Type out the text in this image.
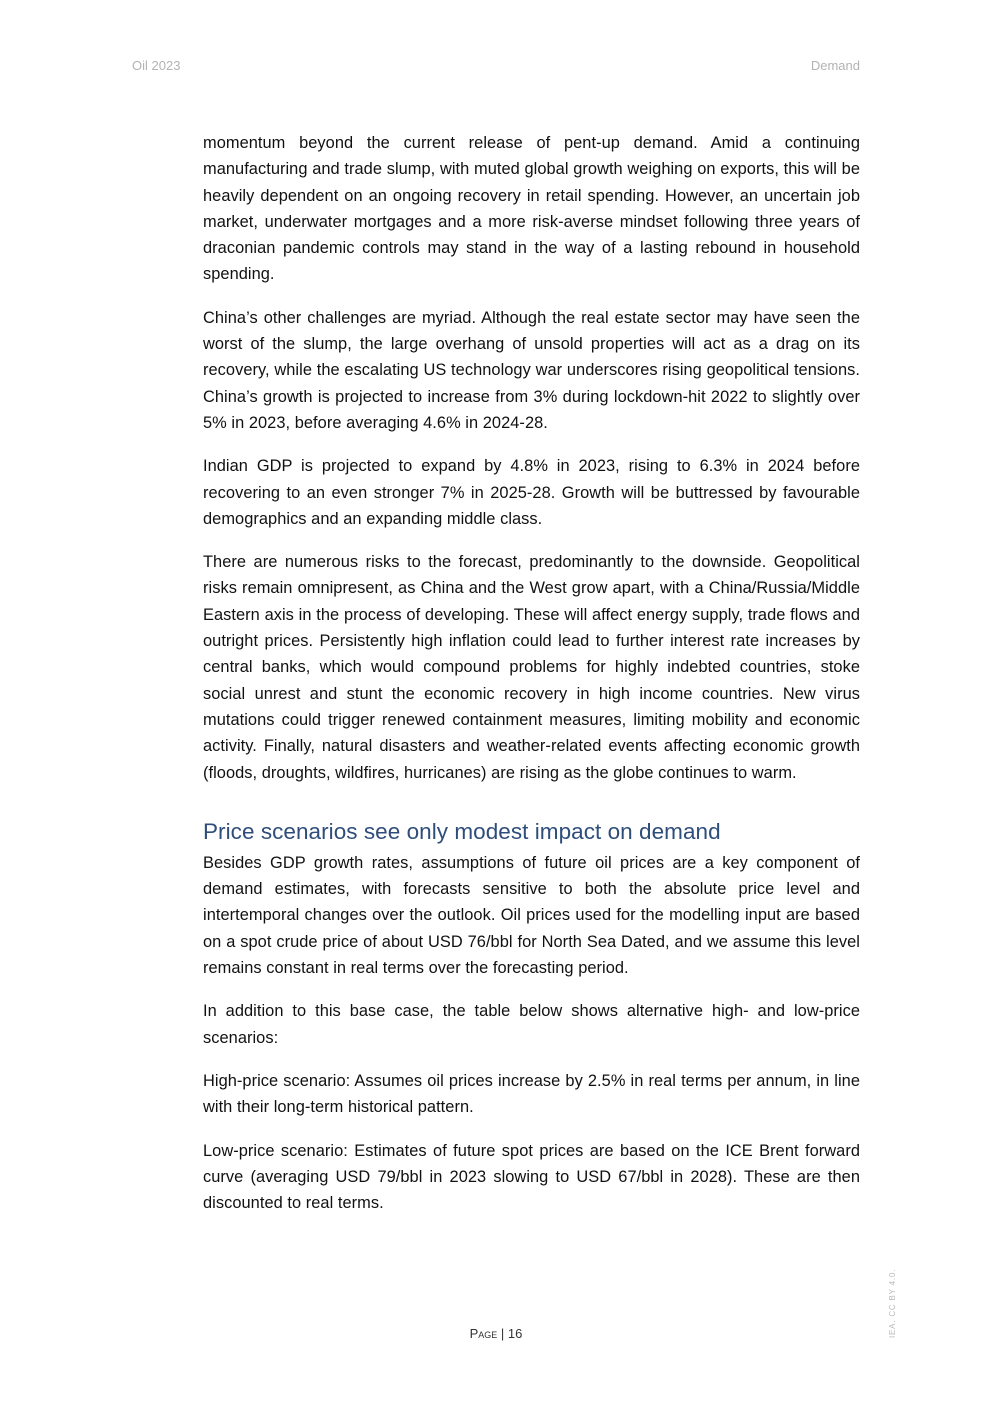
Oil 2023	Demand

momentum beyond the current release of pent-up demand. Amid a continuing manufacturing and trade slump, with muted global growth weighing on exports, this will be heavily dependent on an ongoing recovery in retail spending. However, an uncertain job market, underwater mortgages and a more risk-averse mindset following three years of draconian pandemic controls may stand in the way of a lasting rebound in household spending.

China’s other challenges are myriad. Although the real estate sector may have seen the worst of the slump, the large overhang of unsold properties will act as a drag on its recovery, while the escalating US technology war underscores rising geopolitical tensions. China’s growth is projected to increase from 3% during lockdown-hit 2022 to slightly over 5% in 2023, before averaging 4.6% in 2024-28.

Indian GDP is projected to expand by 4.8% in 2023, rising to 6.3% in 2024 before recovering to an even stronger 7% in 2025-28. Growth will be buttressed by favourable demographics and an expanding middle class.

There are numerous risks to the forecast, predominantly to the downside. Geopolitical risks remain omnipresent, as China and the West grow apart, with a China/Russia/Middle Eastern axis in the process of developing. These will affect energy supply, trade flows and outright prices. Persistently high inflation could lead to further interest rate increases by central banks, which would compound problems for highly indebted countries, stoke social unrest and stunt the economic recovery in high income countries. New virus mutations could trigger renewed containment measures, limiting mobility and economic activity. Finally, natural disasters and weather-related events affecting economic growth (floods, droughts, wildfires, hurricanes) are rising as the globe continues to warm.

Price scenarios see only modest impact on demand

Besides GDP growth rates, assumptions of future oil prices are a key component of demand estimates, with forecasts sensitive to both the absolute price level and intertemporal changes over the outlook. Oil prices used for the modelling input are based on a spot crude price of about USD 76/bbl for North Sea Dated, and we assume this level remains constant in real terms over the forecasting period.

In addition to this base case, the table below shows alternative high- and low-price scenarios:

High-price scenario: Assumes oil prices increase by 2.5% in real terms per annum, in line with their long-term historical pattern.

Low-price scenario: Estimates of future spot prices are based on the ICE Brent forward curve (averaging USD 79/bbl in 2023 slowing to USD 67/bbl in 2028). These are then discounted to real terms.

Page | 16	IEA. CC BY 4.0.
